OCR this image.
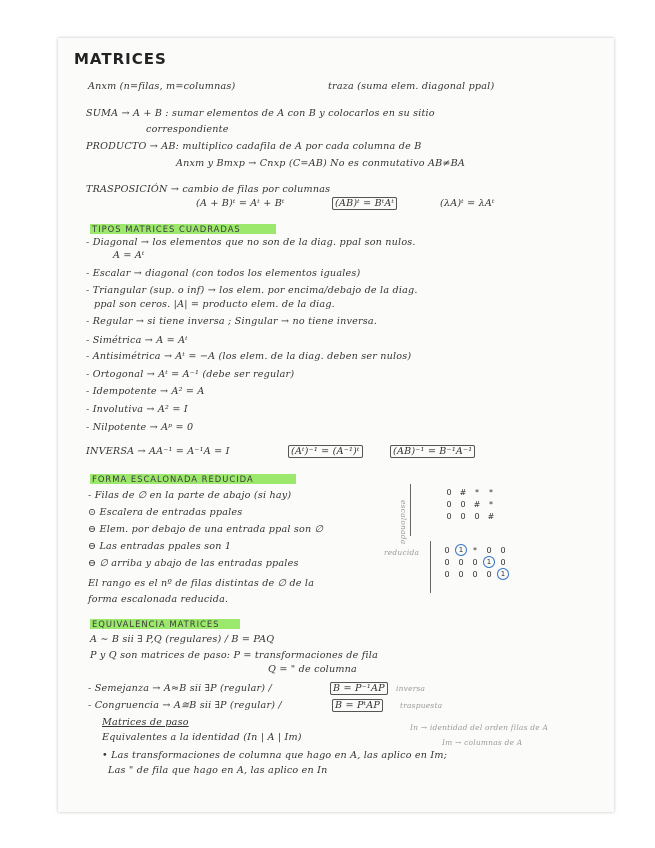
MATRICES
Anxm (n=filas, m=columnas)	traza (suma elem. diagonal ppal)
SUMA → A + B : sumar elementos de A con B y colocarlos en su sitio
correspondiente
PRODUCTO → AB: multiplico cadafila de A por cada columna de B
Anxm y Bmxp → Cnxp (C=AB) No es conmutativo AB≠BA
TRASPOSICIÓN → cambio de filas por columnas
(A + B)ᵗ = Aᵗ + Bᵗ	(AB)ᵗ = BᵗAᵗ	(λA)ᵗ = λAᵗ
TIPOS MATRICES CUADRADAS
- Diagonal → los elementos que no son de la diag. ppal son nulos.
A = Aᵗ
- Escalar → diagonal (con todos los elementos iguales)
- Triangular (sup. o inf) → los elem. por encima/debajo de la diag.
ppal son ceros. |A| = producto elem. de la diag.
- Regular → si tiene inversa ; Singular → no tiene inversa.
- Simétrica → A = Aᵗ
- Antisimétrica → Aᵗ = −A (los elem. de la diag. deben ser nulos)
- Ortogonal → Aᵗ = A⁻¹ (debe ser regular)
- Idempotente → A² = A
- Involutiva → A² = I
- Nilpotente → Aᵖ = 0
INVERSA → AA⁻¹ = A⁻¹A = I	(Aᵗ)⁻¹ = (A⁻¹)ᵗ	(AB)⁻¹ = B⁻¹A⁻¹
FORMA ESCALONADA REDUCIDA
- Filas de ∅ en la parte de abajo (si hay)
⊙ Escalera de entradas ppales
⊖ Elem. por debajo de una entrada ppal son ∅
⊖ Las entradas ppales son 1
⊖ ∅ arriba y abajo de las entradas ppales
El rango es el nº de filas distintas de ∅ de la
forma escalonada reducida.
escalonada
reducida
0	#	*	*
0	0	#	*
0	0	0	#
0	1	*	0	0
0	0	0	1	0
0	0	0	0	1
EQUIVALENCIA MATRICES
A ∼ B sii ∃ P,Q (regulares) / B = PAQ
P y Q son matrices de paso: P = transformaciones de fila
Q = " de columna
- Semejanza → A≈B sii ∃P (regular) /	B = P⁻¹AP	inversa
- Congruencia → A≅B sii ∃P (regular) /	B = PᵗAP	traspuesta
Matrices de paso
Equivalentes a la identidad (In | A | Im)
In → identidad del orden filas de A
Im → columnas de A
• Las transformaciones de columna que hago en A, las aplico en Im;
Las " de fila que hago en A, las aplico en In
